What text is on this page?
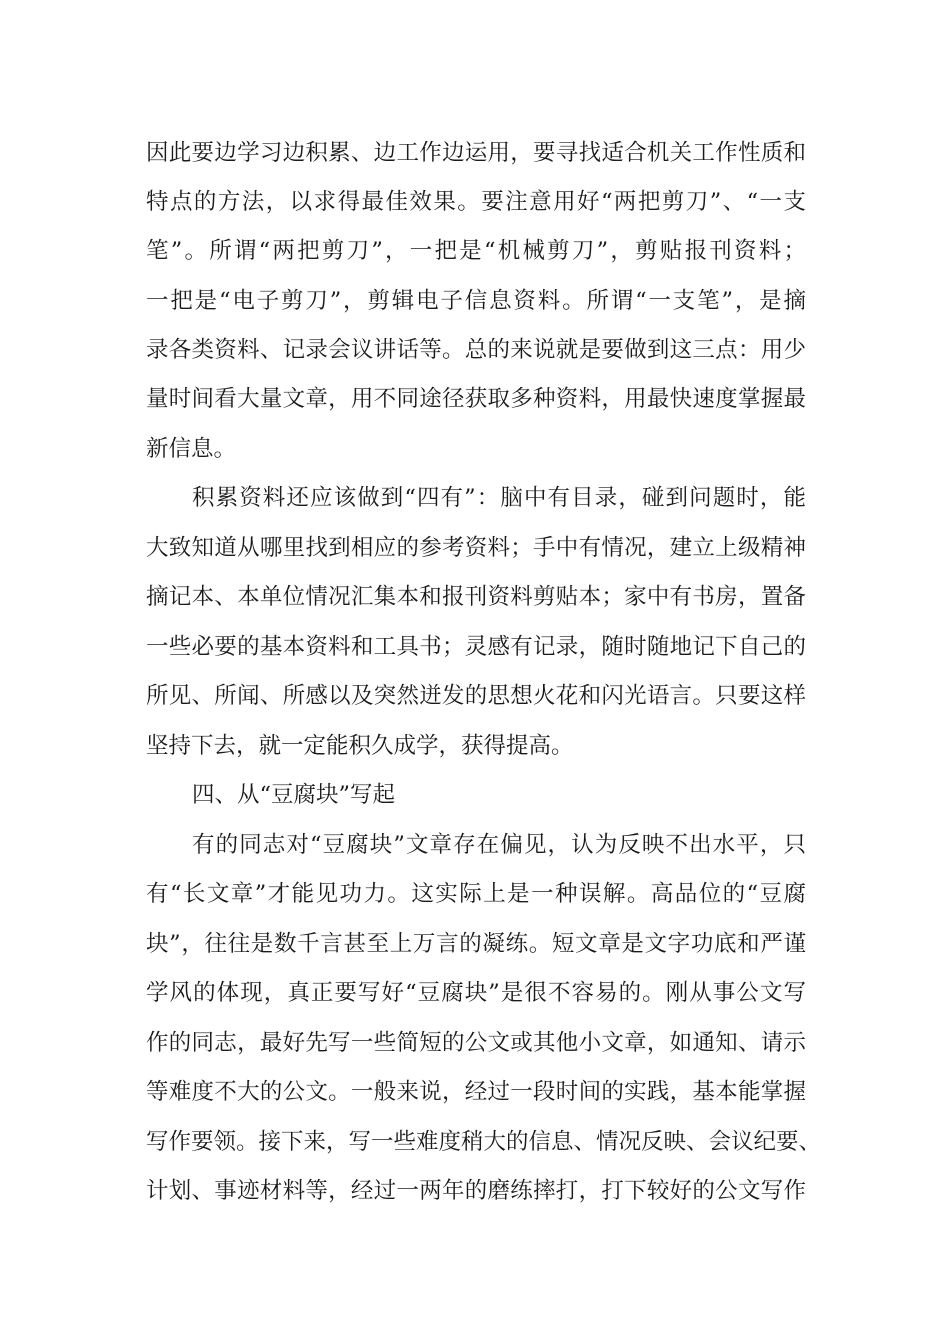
因此要边学习边积累、边工作边运用，要寻找适合机关工作性质和
特点的方法，以求得最佳效果。要注意用好“两把剪刀”、“一支
笔”。所谓“两把剪刀”，一把是“机械剪刀”，剪贴报刊资料；
一把是“电子剪刀”，剪辑电子信息资料。所谓“一支笔”，是摘
录各类资料、记录会议讲话等。总的来说就是要做到这三点：用少
量时间看大量文章，用不同途径获取多种资料，用最快速度掌握最
新信息。
积累资料还应该做到“四有”：脑中有目录，碰到问题时，能
大致知道从哪里找到相应的参考资料；手中有情况，建立上级精神
摘记本、本单位情况汇集本和报刊资料剪贴本；家中有书房，置备
一些必要的基本资料和工具书；灵感有记录，随时随地记下自己的
所见、所闻、所感以及突然迸发的思想火花和闪光语言。只要这样
坚持下去，就一定能积久成学，获得提高。
四、从“豆腐块”写起
有的同志对“豆腐块”文章存在偏见，认为反映不出水平，只
有“长文章”才能见功力。这实际上是一种误解。高品位的“豆腐
块”，往往是数千言甚至上万言的凝练。短文章是文字功底和严谨
学风的体现，真正要写好“豆腐块”是很不容易的。刚从事公文写
作的同志，最好先写一些简短的公文或其他小文章，如通知、请示
等难度不大的公文。一般来说，经过一段时间的实践，基本能掌握
写作要领。接下来，写一些难度稍大的信息、情况反映、会议纪要、
计划、事迹材料等，经过一两年的磨练摔打，打下较好的公文写作
